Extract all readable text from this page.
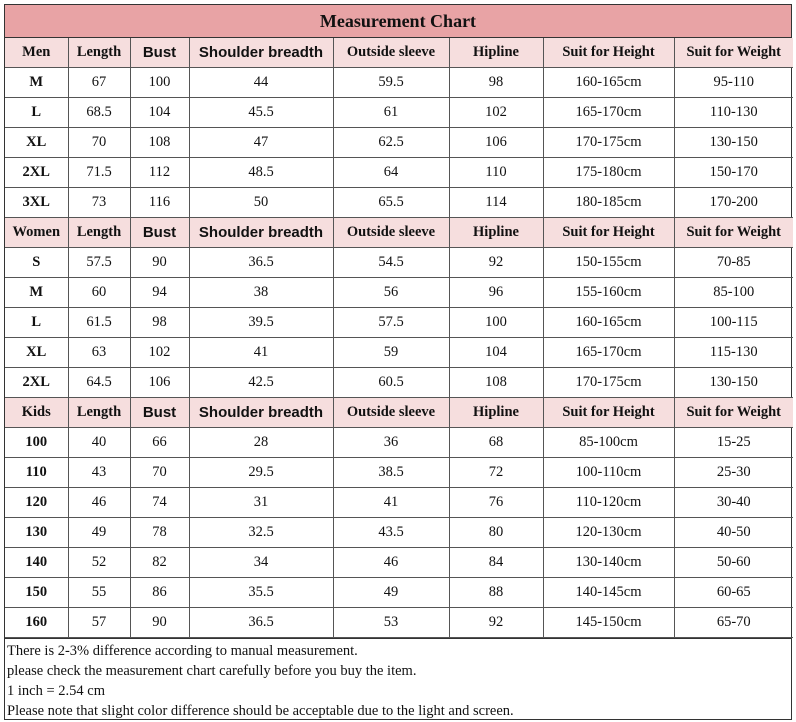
Measurement Chart
Men	Length	Bust	Shoulder breadth	Outside sleeve	Hipline	Suit for Height	Suit for Weight
M	67	100	44	59.5	98	160-165cm	95-110
L	68.5	104	45.5	61	102	165-170cm	110-130
XL	70	108	47	62.5	106	170-175cm	130-150
2XL	71.5	112	48.5	64	110	175-180cm	150-170
3XL	73	116	50	65.5	114	180-185cm	170-200
Women	Length	Bust	Shoulder breadth	Outside sleeve	Hipline	Suit for Height	Suit for Weight
S	57.5	90	36.5	54.5	92	150-155cm	70-85
M	60	94	38	56	96	155-160cm	85-100
L	61.5	98	39.5	57.5	100	160-165cm	100-115
XL	63	102	41	59	104	165-170cm	115-130
2XL	64.5	106	42.5	60.5	108	170-175cm	130-150
Kids	Length	Bust	Shoulder breadth	Outside sleeve	Hipline	Suit for Height	Suit for Weight
100	40	66	28	36	68	85-100cm	15-25
110	43	70	29.5	38.5	72	100-110cm	25-30
120	46	74	31	41	76	110-120cm	30-40
130	49	78	32.5	43.5	80	120-130cm	40-50
140	52	82	34	46	84	130-140cm	50-60
150	55	86	35.5	49	88	140-145cm	60-65
160	57	90	36.5	53	92	145-150cm	65-70
There is 2-3% difference according to manual measurement.
please check the measurement chart carefully before you buy the item.
1 inch = 2.54 cm
Please note that slight color difference should be acceptable due to the light and screen.
